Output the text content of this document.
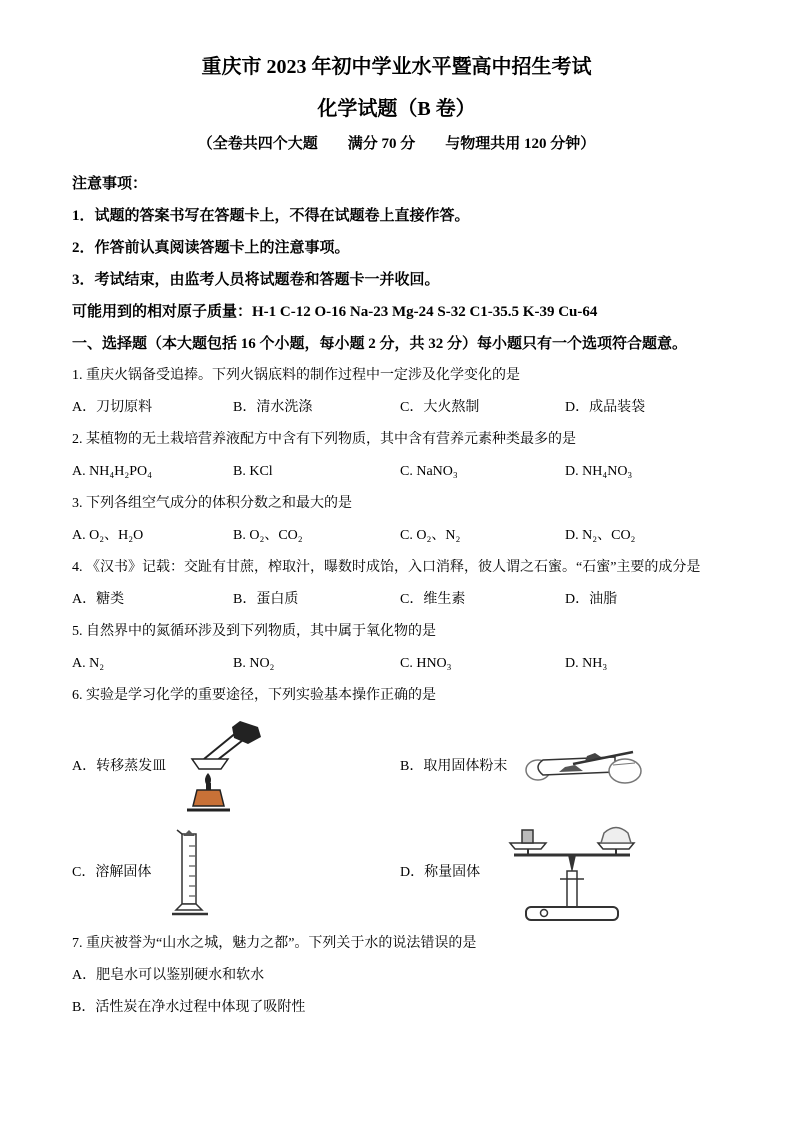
重庆市 2023 年初中学业水平暨高中招生考试
化学试题（B 卷）

（全卷共四个大题　　满分 70 分　　与物理共用 120 分钟）

注意事项：

1．试题的答案书写在答题卡上，不得在试题卷上直接作答。

2．作答前认真阅读答题卡上的注意事项。

3．考试结束，由监考人员将试题卷和答题卡一并收回。

可能用到的相对原子质量：H-1 C-12 O-16 Na-23 Mg-24 S-32 C1-35.5 K-39 Cu-64

一、选择题（本大题包括 16 个小题，每小题 2 分，共 32 分）每小题只有一个选项符合题意。

1. 重庆火锅备受追捧。下列火锅底料的制作过程中一定涉及化学变化的是

A．刀切原料	B．清水洗涤	C．大火熬制	D．成品装袋

2. 某植物的无土栽培营养液配方中含有下列物质，其中含有营养元素种类最多的是

A. NH₄H₂PO₄	B. KCl	C. NaNO₃	D. NH₄NO₃

3. 下列各组空气成分的体积分数之和最大的是

A. O₂、H₂O	B. O₂、CO₂	C. O₂、N₂	D. N₂、CO₂

4. 《汉书》记载：交趾有甘蔗，榨取汁，曝数时成饴，入口消释，彼人谓之石蜜。“石蜜”主要的成分是

A．糖类	B．蛋白质	C．维生素	D．油脂

5. 自然界中的氮循环涉及到下列物质，其中属于氧化物的是

A. N₂	B. NO₂	C. HNO₃	D. NH₃

6. 实验是学习化学的重要途径，下列实验基本操作正确的是

A．转移蒸发皿	B．取用固体粉末
C．溶解固体	D．称量固体

7. 重庆被誉为“山水之城，魅力之都”。下列关于水的说法错误的是

A．肥皂水可以鉴别硬水和软水

B．活性炭在净水过程中体现了吸附性
